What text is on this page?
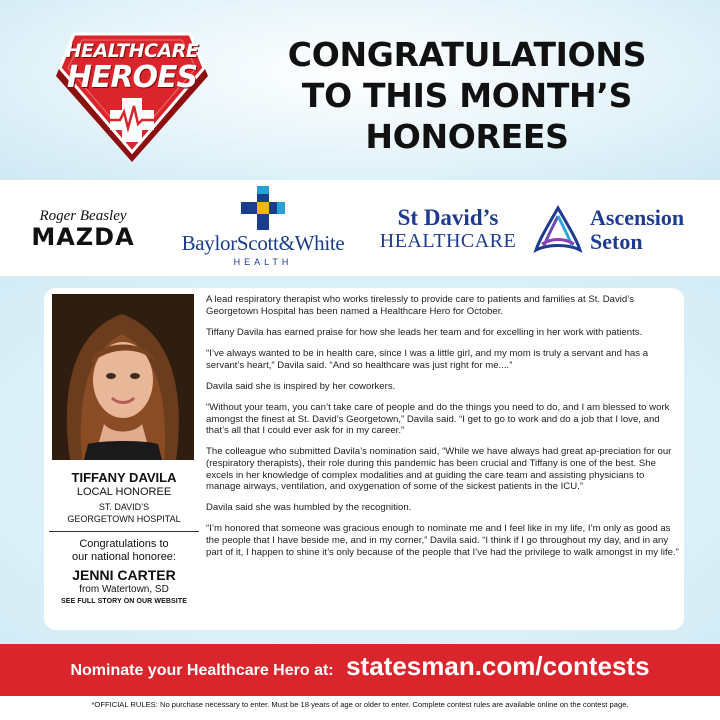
HEALTHCARE
HEROES
CONGRATULATIONS
TO THIS MONTH’S
HONOREES
Roger Beasley
MAZDA	BaylorScott&White
HEALTH
St David’s
HEALTHCARE
Ascension
Seton
TIFFANY DAVILA
LOCAL HONOREE
ST. DAVID’S
GEORGETOWN HOSPITAL
Congratulations to
our national honoree:
JENNI CARTER
from Watertown, SD
SEE FULL STORY ON OUR WEBSITE

A lead respiratory therapist who works tirelessly to provide care to patients and families at St. David’s Georgetown Hospital has been named a Healthcare Hero for October.

Tiffany Davila has earned praise for how she leads her team and for excelling in her work with patients.

“I’ve always wanted to be in health care, since I was a little girl, and my mom is truly a servant and has a servant’s heart,” Davila said. “And so healthcare was just right for me....”

Davila said she is inspired by her coworkers.

“Without your team, you can’t take care of people and do the things you need to do, and I am blessed to work amongst the finest at St. David’s Georgetown,” Davila said. “I get to go to work and do a job that I love, and that’s all that I could ever ask for in my career.”

The colleague who submitted Davila’s nomination said, “While we have always had great ap-preciation for our (respiratory therapists), their role during this pandemic has been crucial and Tiffany is one of the best. She excels in her knowledge of complex modalities and at guiding the care team and assisting physicians to manage airways, ventilation, and oxygenation of some of the sickest patients in the ICU.”

Davila said she was humbled by the recognition.

“I’m honored that someone was gracious enough to nominate me and I feel like in my life, I’m only as good as the people that I have beside me, and in my corner,” Davila said. “I think if I go throughout my day, and in any part of it, I happen to shine it’s only because of the people that I’ve had the privilege to walk amongst in my life.”

Nominate your Healthcare Hero at: statesman.com/contests
*OFFICIAL RULES: No purchase necessary to enter. Must be 18 years of age or older to enter. Complete contest rules are available online on the contest page.
